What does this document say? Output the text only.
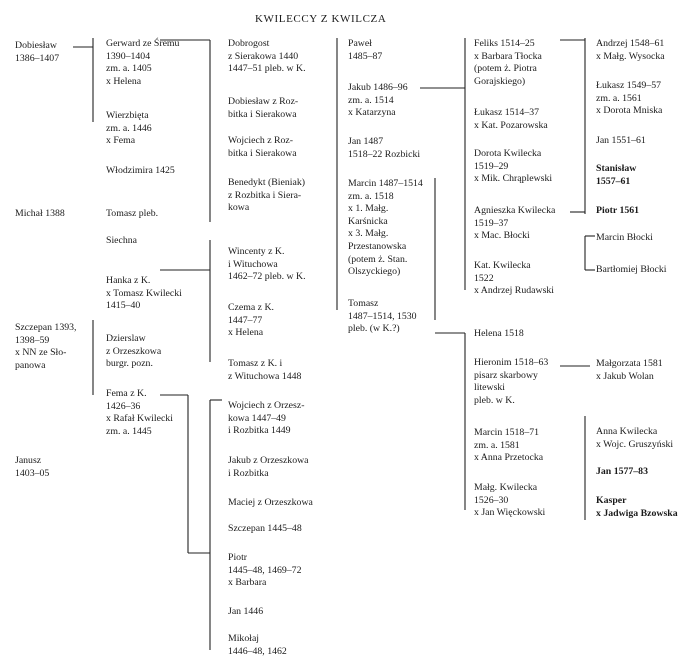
KWILECCY Z KWILCZA
Dobiesław
1386–1407
Michał 1388
Szczepan 1393,
1398–59
x NN ze Sło-
panowa
Janusz
1403–05
Gerward ze Śremu
1390–1404
zm. a. 1405
x Helena
Wierzbięta
zm. a. 1446
x Fema
Włodzimira 1425
Tomasz pleb.
Siechna
Hanka z K.
x Tomasz Kwilecki
1415–40
Dzierslaw
z Orzeszkowa
burgr. pozn.
Fema z K.
1426–36
x Rafał Kwilecki
zm. a. 1445
Dobrogost
z Sierakowa 1440
1447–51 pleb. w K.
Dobiesław z Roz-
bitka i Sierakowa
Wojciech z Roz-
bitka i Sierakowa
Benedykt (Bieniak)
z Rozbitka i Siera-
kowa
Wincenty z K.
i Wituchowa
1462–72 pleb. w K.
Czema z K.
1447–77
x Helena
Tomasz z K. i
z Wituchowa 1448
Wojciech z Orzesz-
kowa 1447–49
i Rozbitka 1449
Jakub z Orzeszkowa
i Rozbitka
Maciej z Orzeszkowa
Szczepan 1445–48
Piotr
1445–48, 1469–72
x Barbara
Jan 1446
Mikołaj
1446–48, 1462
Paweł
1485–87
Jakub 1486–96
zm. a. 1514
x Katarzyna
Jan 1487
1518–22 Rozbicki
Marcin 1487–1514
zm. a. 1518
x 1. Małg.
Karśnicka
x 3. Małg.
Przestanowska
(potem ż. Stan.
Olszyckiego)
Tomasz
1487–1514, 1530
pleb. (w K.?)
Feliks 1514–25
x Barbara Tłocka
(potem ż. Piotra
Gorajskiego)
Łukasz 1514–37
x Kat. Pozarowska
Dorota Kwilecka
1519–29
x Mik. Chrąplewski
Agnieszka Kwilecka
1519–37
x Mac. Błocki
Kat. Kwilecka
1522
x Andrzej Rudawski
Helena 1518
Hieronim 1518–63
pisarz skarbowy
litewski
pleb. w K.
Marcin 1518–71
zm. a. 1581
x Anna Przetocka
Małg. Kwilecka
1526–30
x Jan Więckowski
Andrzej 1548–61
x Małg. Wysocka
Łukasz 1549–57
zm. a. 1561
x Dorota Mniska
Jan 1551–61
Stanisław
1557–61
Piotr 1561
Marcin Błocki
Bartłomiej Błocki
Małgorzata 1581
x Jakub Wolan
Anna Kwilecka
x Wojc. Gruszyński
Jan 1577–83
Kasper
x Jadwiga Bzowska
